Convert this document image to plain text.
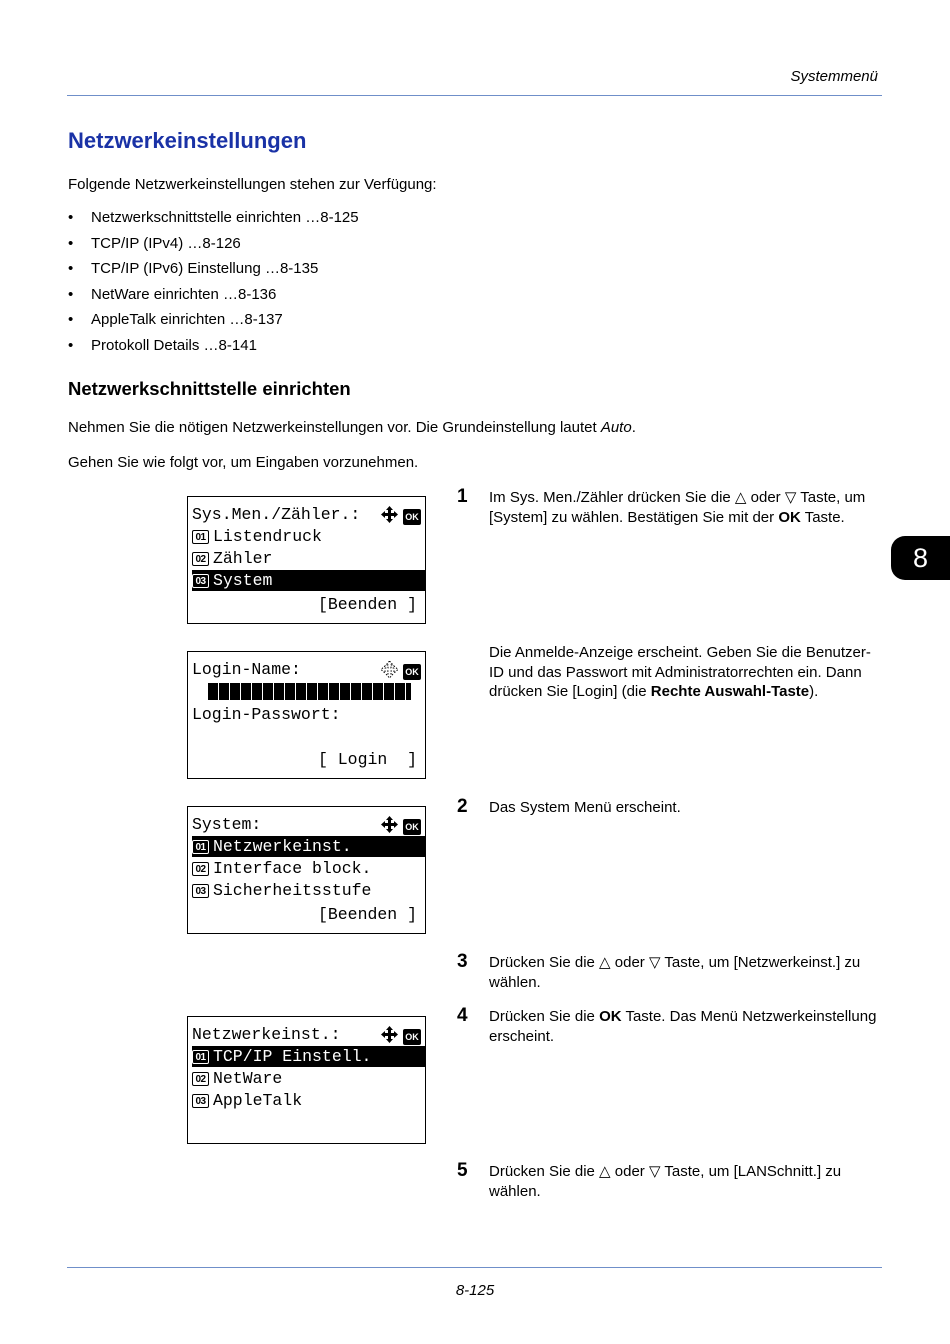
Systemmenü
Netzwerkeinstellungen
Folgende Netzwerkeinstellungen stehen zur Verfügung:
• Netzwerkschnittstelle einrichten …8-125
• TCP/IP (IPv4) …8-126
• TCP/IP (IPv6) Einstellung …8-135
• NetWare einrichten …8-136
• AppleTalk einrichten …8-137
• Protokoll Details …8-141
Netzwerkschnittstelle einrichten
Nehmen Sie die nötigen Netzwerkeinstellungen vor. Die Grundeinstellung lautet Auto.
Gehen Sie wie folgt vor, um Eingaben vorzunehmen.
8
Sys.Men./Zähler.:	OK
01 Listendruck
02 Zähler
03 System
[Beenden ]
Login-Name:	OK
Login-Passwort:
[ Login  ]
System:	OK
01 Netzwerkeinst.
02 Interface block.
03 Sicherheitsstufe
[Beenden ]
Netzwerkeinst.:	OK
01 TCP/IP Einstell.
02 NetWare
03 AppleTalk
1 Im Sys. Men./Zähler drücken Sie die △ oder ▽ Taste, um [System] zu wählen. Bestätigen Sie mit der OK Taste.
Die Anmelde-Anzeige erscheint. Geben Sie die Benutzer-ID und das Passwort mit Administratorrechten ein. Dann drücken Sie [Login] (die Rechte Auswahl-Taste).
2 Das System Menü erscheint.
3 Drücken Sie die △ oder ▽ Taste, um [Netzwerkeinst.] zu wählen.
4 Drücken Sie die OK Taste. Das Menü Netzwerkeinstellung erscheint.
5 Drücken Sie die △ oder ▽ Taste, um [LANSchnitt.] zu wählen.
8-125
